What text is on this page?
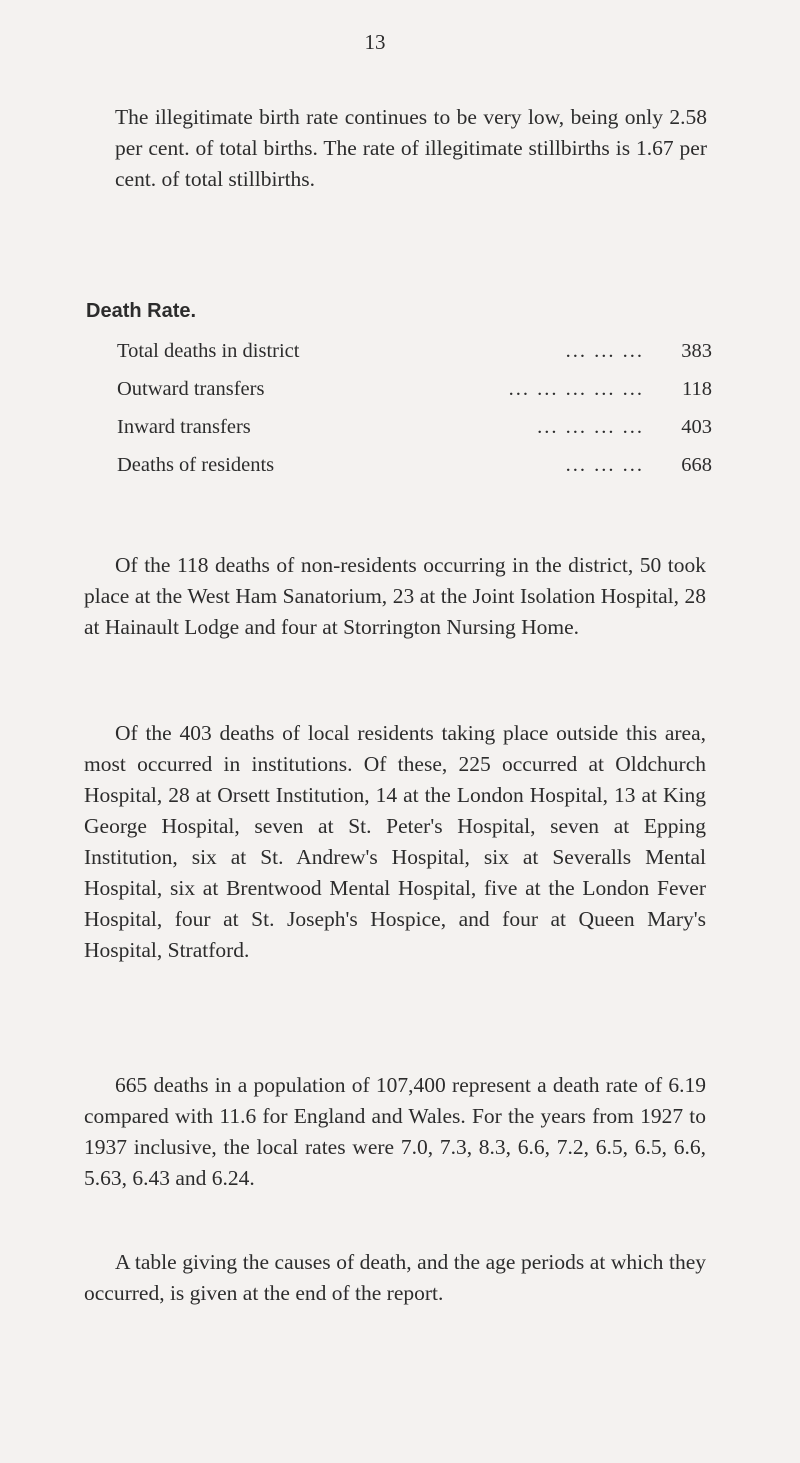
13

The illegitimate birth rate continues to be very low, being only 2.58 per cent. of total births. The rate of illegitimate stillbirths is 1.67 per cent. of total stillbirths.

Death Rate.
Total deaths in district	... ... ...	383
Outward transfers	... ... ... ... ...	118
Inward transfers	... ... ... ...	403
Deaths of residents	... ... ...	668

Of the 118 deaths of non-residents occurring in the district, 50 took place at the West Ham Sanatorium, 23 at the Joint Isolation Hospital, 28 at Hainault Lodge and four at Storrington Nursing Home.

Of the 403 deaths of local residents taking place outside this area, most occurred in institutions. Of these, 225 occurred at Oldchurch Hospital, 28 at Orsett Institution, 14 at the London Hospital, 13 at King George Hospital, seven at St. Peter's Hospital, seven at Epping Institution, six at St. Andrew's Hospital, six at Severalls Mental Hospital, six at Brentwood Mental Hospital, five at the London Fever Hospital, four at St. Joseph's Hospice, and four at Queen Mary's Hospital, Stratford.

665 deaths in a population of 107,400 represent a death rate of 6.19 compared with 11.6 for England and Wales. For the years from 1927 to 1937 inclusive, the local rates were 7.0, 7.3, 8.3, 6.6, 7.2, 6.5, 6.5, 6.6, 5.63, 6.43 and 6.24.

A table giving the causes of death, and the age periods at which they occurred, is given at the end of the report.
